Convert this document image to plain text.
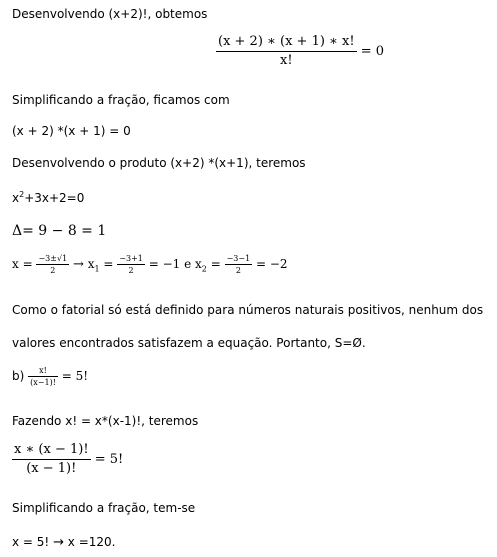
Desenvolvendo (x+2)!, obtemos
$\frac{(x + 2) ∗ (x + 1) ∗ x!}{x!} = 0$
Simplificando a fração, ficamos com
(x + 2) *(x + 1) = 0
Desenvolvendo o produto (x+2) *(x+1), teremos
$x^2+3x+2=0$
Δ= 9 − 8 = 1
$x = \frac{-3\pm√1}{2} \to x_1 = \frac{-3+1}{2} = -1$ e $x_2 = \frac{-3-1}{2} = -2$
Como o fatorial só está definido para números naturais positivos, nenhum dos
valores encontrados satisfazem a equação. Portanto, S=Ø.
$b) \frac{x!}{(x-1)!} = 5$!
Fazendo x! = x*(x-1)!, teremos
$\frac{x ∗ (x - 1)!}{(x - 1)!} = 5$!
Simplificando a fração, tem-se
x = 5! → x =120.
